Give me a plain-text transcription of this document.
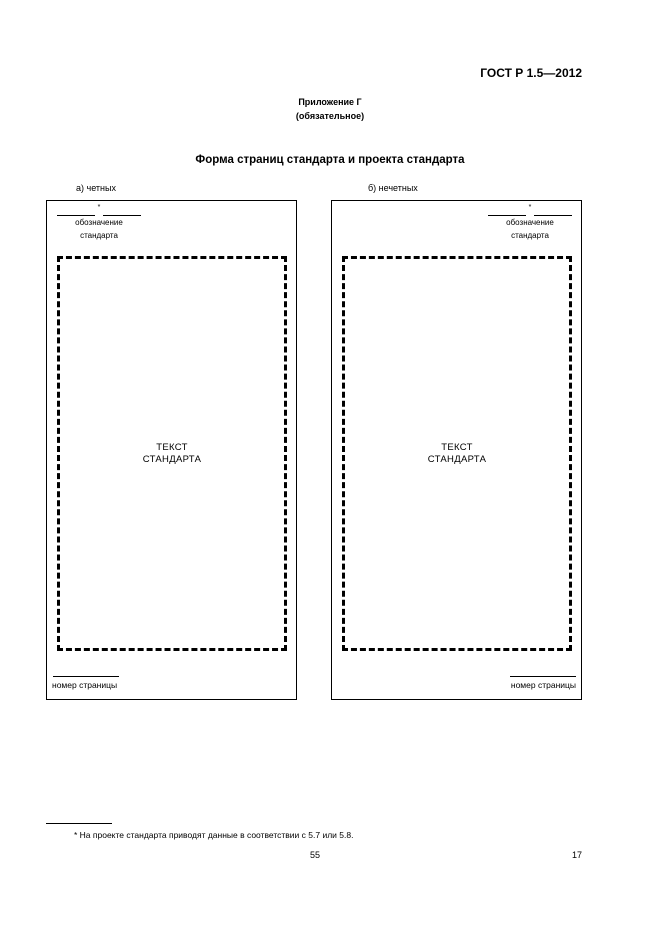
ГОСТ Р 1.5—2012
Приложение Г
(обязательное)
Форма страниц стандарта и проекта стандарта
а) четных	б) нечетных
*
обозначение
стандарта
ТЕКСТ
СТАНДАРТА
номер страницы
*
обозначение
стандарта
ТЕКСТ
СТАНДАРТА
номер страницы
* На проекте стандарта приводят данные в соответствии с 5.7 или 5.8.
55	17
